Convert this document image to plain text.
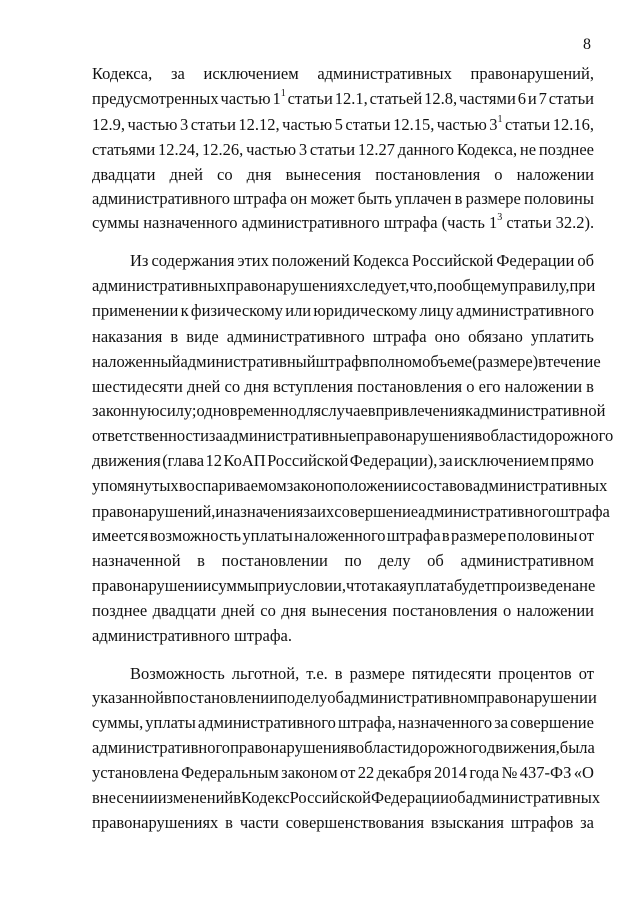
8
Кодекса, за исключением административных правонарушений,
предусмотренных частью $1^1$ статьи 12.1, статьей 12.8, частями 6 и 7 статьи
12.9, частью 3 статьи 12.12, частью 5 статьи 12.15, частью $3^1$ статьи 12.16,
статьями 12.24, 12.26, частью 3 статьи 12.27 данного Кодекса, не позднее
двадцати дней со дня вынесения постановления о наложении
административного штрафа он может быть уплачен в размере половины
суммы назначенного административного штрафа (часть $1^3$ статьи 32.2).
Из содержания этих положений Кодекса Российской Федерации об
административных правонарушениях следует, что, по общему правилу, при
применении к физическому или юридическому лицу административного
наказания в виде административного штрафа оно обязано уплатить
наложенный административный штраф в полном объеме (размере) в течение
шестидесяти дней со дня вступления постановления о его наложении в
законную силу; одновременно для случаев привлечения к административной
ответственности за административные правонарушения в области дорожного
движения (глава 12 КоАП Российской Федерации), за исключением прямо
упомянутых в оспариваемом законоположении составов административных
правонарушений, и назначения за их совершение административного штрафа
имеется возможность уплаты наложенного штрафа в размере половины от
назначенной в постановлении по делу об административном
правонарушении суммы при условии, что такая уплата будет произведена не
позднее двадцати дней со дня вынесения постановления о наложении
административного штрафа.
Возможность льготной, т.е. в размере пятидесяти процентов от
указанной в постановлении по делу об административном правонарушении
суммы, уплаты административного штрафа, назначенного за совершение
административного правонарушения в области дорожного движения, была
установлена Федеральным законом от 22 декабря 2014 года № 437-ФЗ «О
внесении изменений в Кодекс Российской Федерации об административных
правонарушениях в части совершенствования взыскания штрафов за
